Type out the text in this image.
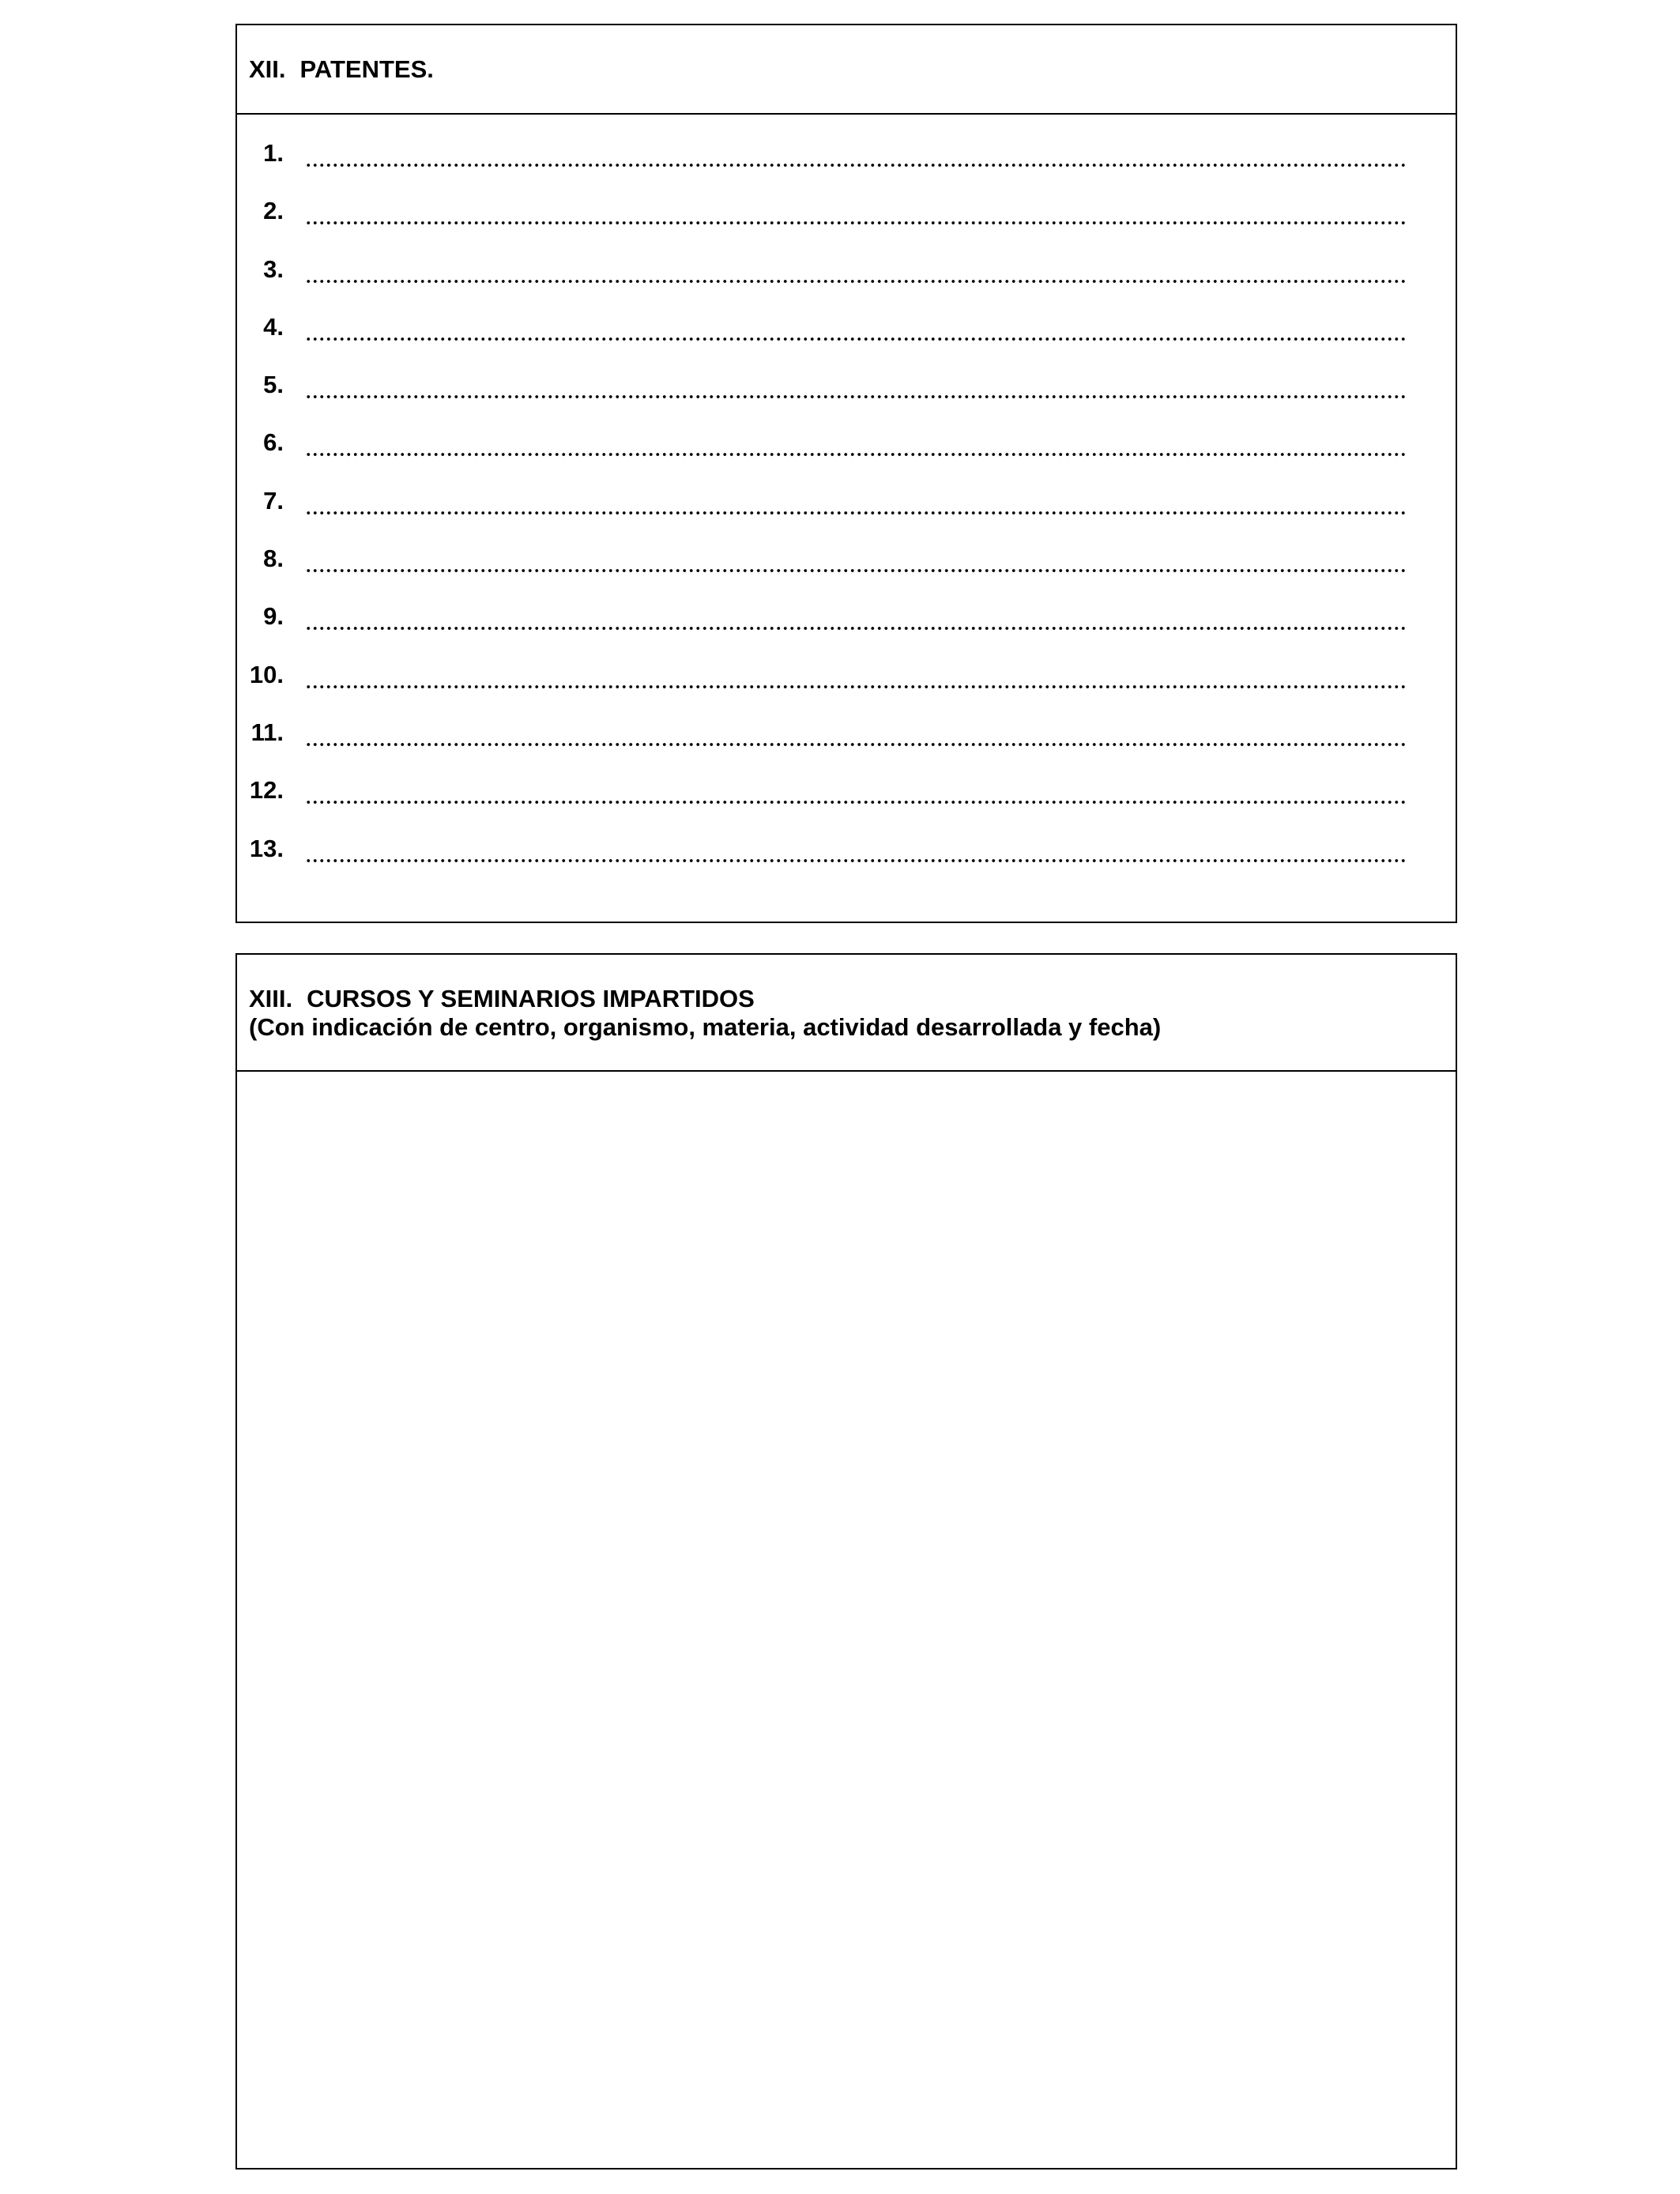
XII. PATENTES.
1.
2.
3.
4.
5.
6.
7.
8.
9.
10.
11.
12.
13.
XIII. CURSOS Y SEMINARIOS IMPARTIDOS
(Con indicación de centro, organismo, materia, actividad desarrollada y fecha)
